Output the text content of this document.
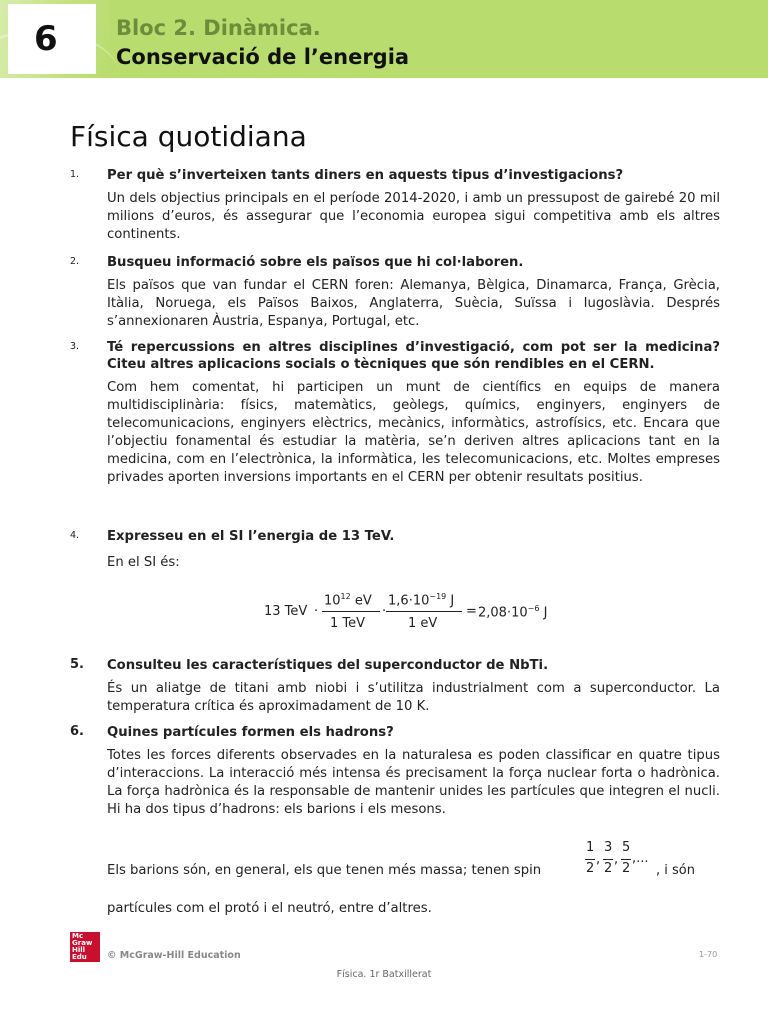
6	Bloc 2. Dinàmica.
Conservació de l’energia
Física quotidiana
1. Per què s’inverteixen tants diners en aquests tipus d’investigacions?

Un dels objectius principals en el període 2014-2020, i amb un pressupost de gairebé 20 mil milions d’euros, és assegurar que l’economia europea sigui competitiva amb els altres continents.

2. Busqueu informació sobre els països que hi col·laboren.

Els països que van fundar el CERN foren: Alemanya, Bèlgica, Dinamarca, França, Grècia, Itàlia, Noruega, els Països Baixos, Anglaterra, Suècia, Suïssa i Iugoslàvia. Després s’annexionaren Àustria, Espanya, Portugal, etc.

3. Té repercussions en altres disciplines d’investigació, com pot ser la medicina? Citeu altres aplicacions socials o tècniques que són rendibles en el CERN.

Com hem comentat, hi participen un munt de científics en equips de manera multidisciplinària: físics, matemàtics, geòlegs, químics, enginyers, enginyers de telecomunicacions, enginyers elèctrics, mecànics, informàtics, astrofísics, etc. Encara que l’objectiu fonamental és estudiar la matèria, se’n deriven altres aplicacions tant en la medicina, com en l’electrònica, la informàtica, les telecomunicacions, etc. Moltes empreses privades aporten inversions importants en el CERN per obtenir resultats positius.

4. Expresseu en el SI l’energia de 13 TeV.

En el SI és:

13 TeV ·
$10^{12}$ eV
1 TeV
·
$1,6\cdot 10^{-19}$ J
1 eV
= $2,08\cdot 10^{-6}$ J
5. Consulteu les característiques del superconductor de NbTi.

És un aliatge de titani amb niobi i s’utilitza industrialment com a superconductor. La temperatura crítica és aproximadament de 10 K.

6. Quines partícules formen els hadrons?

Totes les forces diferents observades en la naturalesa es poden classificar en quatre tipus d’interaccions. La interacció més intensa és precisament la força nuclear forta o hadrònica. La força hadrònica és la responsable de mantenir unides les partícules que integren el nucli. Hi ha dos tipus d’hadrons: els barions i els mesons.

Els barions són, en general, els que tenen més massa; tenen spin
1
2
,
3
2
,
5
2
,...
, i són
partícules com el protó i el neutró, entre d’altres.
Mc
Graw
Hill
Edu	© McGraw-Hill Education	1-70
Física. 1r Batxillerat
